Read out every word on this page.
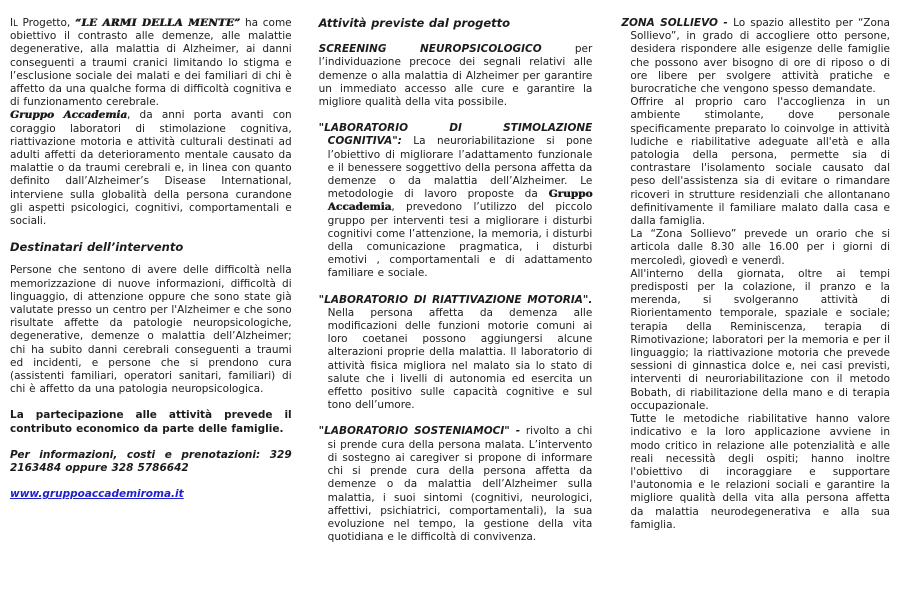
IL Progetto, “LE ARMI DELLA MENTE” ha come obiettivo il contrasto alle demenze, alle malattie degenerative, alla malattia di Alzheimer, ai danni conseguenti a traumi cranici limitando lo stigma e l’esclusione sociale dei malati e dei familiari di chi è affetto da una qualche forma di difficoltà cognitiva e di funzionamento cerebrale.
Gruppo Accademia, da anni porta avanti con coraggio laboratori di stimolazione cognitiva, riattivazione motoria e attività culturali destinati ad adulti affetti da deterioramento mentale causato da malattie o da traumi cerebrali e, in linea con quanto definito dall’Alzheimer’s Disease International, interviene sulla globalità della persona curandone gli aspetti psicologici, cognitivi, comportamentali e sociali.
Destinatari dell’intervento
Persone che sentono di avere delle difficoltà nella memorizzazione di nuove informazioni, difficoltà di linguaggio, di attenzione oppure che sono state già valutate presso un centro per l'Alzheimer e che sono risultate affette da patologie neuropsicologiche, degenerative, demenze o malattia dell’Alzheimer; chi ha subito danni cerebrali conseguenti a traumi ed incidenti, e persone che si prendono cura (assistenti familiari, operatori sanitari, familiari) di chi è affetto da una patologia neuropsicologica.
La partecipazione alle attività prevede il contributo economico da parte delle famiglie.
Per informazioni, costi e prenotazioni: 329 2163484 oppure 328 5786642
www.gruppoaccademiroma.it
Attività previste dal progetto
SCREENING NEUROPSICOLOGICO per l’individuazione precoce dei segnali relativi alle demenze o alla malattia di Alzheimer per garantire un immediato accesso alle cure e garantire la migliore qualità della vita possibile.
"LABORATORIO DI STIMOLAZIONE COGNITIVA": La neuroriabilitazione si pone l’obiettivo di migliorare l’adattamento funzionale e il benessere soggettivo della persona affetta da demenze o da malattia dell’Alzheimer. Le metodologie di lavoro proposte da Gruppo Accademia, prevedono l’utilizzo del piccolo gruppo per interventi tesi a migliorare i disturbi cognitivi come l’attenzione, la memoria, i disturbi della comunicazione pragmatica, i disturbi emotivi , comportamentali e di adattamento familiare e sociale.
"LABORATORIO DI RIATTIVAZIONE MOTORIA". Nella persona affetta da demenza alle modificazioni delle funzioni motorie comuni ai loro coetanei possono aggiungersi alcune alterazioni proprie della malattia. Il laboratorio di attività fisica migliora nel malato sia lo stato di salute che i livelli di autonomia ed esercita un effetto positivo sulle capacità cognitive e sul tono dell’umore.
"LABORATORIO SOSTENIAMOCI" - rivolto a chi si prende cura della persona malata. L’intervento di sostegno ai caregiver si propone di informare chi si prende cura della persona affetta da demenze o da malattia dell’Alzheimer sulla malattia, i suoi sintomi (cognitivi, neurologici, affettivi, psichiatrici, comportamentali), la sua evoluzione nel tempo, la gestione della vita quotidiana e le difficoltà di convivenza.
ZONA SOLLIEVO - Lo spazio allestito per “Zona Sollievo”, in grado di accogliere otto persone, desidera rispondere alle esigenze delle famiglie che possono aver bisogno di ore di riposo o di ore libere per svolgere attività pratiche e burocratiche che vengono spesso demandate.
Offrire al proprio caro l'accoglienza in un ambiente stimolante, dove personale specificamente preparato lo coinvolge in attività ludiche e riabilitative adeguate all'età e alla patologia della persona, permette sia di contrastare l'isolamento sociale causato dal peso dell'assistenza sia di evitare o rimandare ricoveri in strutture residenziali che allontanano definitivamente il familiare malato dalla casa e dalla famiglia.
La “Zona Sollievo” prevede un orario che si articola dalle 8.30 alle 16.00 per i giorni di mercoledì, giovedì e venerdì.
All'interno della giornata, oltre ai tempi predisposti per la colazione, il pranzo e la merenda, si svolgeranno attività di Riorientamento temporale, spaziale e sociale; terapia della Reminiscenza, terapia di Rimotivazione; laboratori per la memoria e per il linguaggio; la riattivazione motoria che prevede sessioni di ginnastica dolce e, nei casi previsti, interventi di neuroriabilitazione con il metodo Bobath, di riabilitazione della mano e di terapia occupazionale.
Tutte le metodiche riabilitative hanno valore indicativo e la loro applicazione avviene in modo critico in relazione alle potenzialità e alle reali necessità degli ospiti; hanno inoltre l'obiettivo di incoraggiare e supportare l'autonomia e le relazioni sociali e garantire la migliore qualità della vita alla persona affetta da malattia neurodegenerativa e alla sua famiglia.
